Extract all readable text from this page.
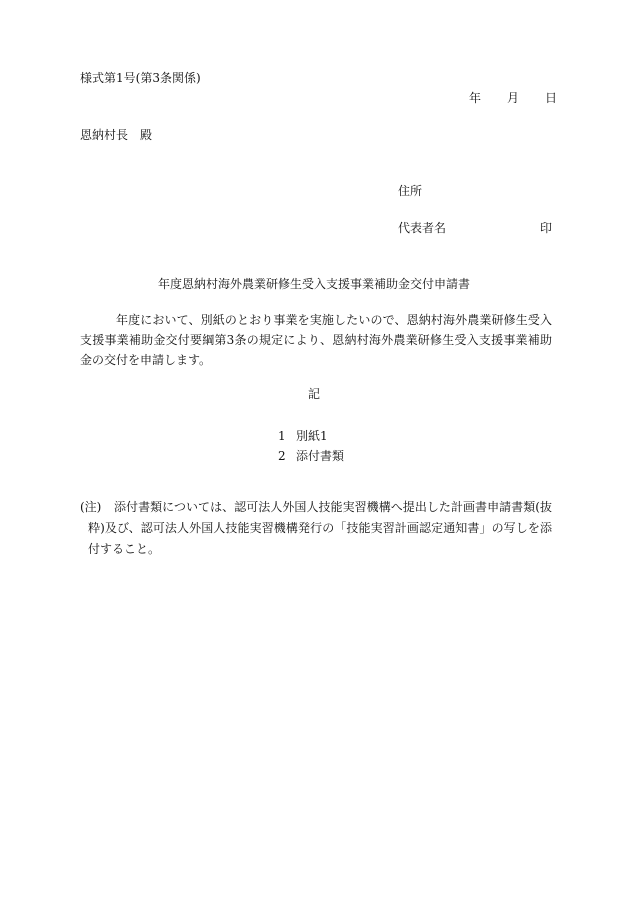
様式第1号(第3条関係)
年 月 日
恩納村長 殿
住所
代表者名	印
年度恩納村海外農業研修生受入支援事業補助金交付申請書
年度において、別紙のとおり事業を実施したいので、恩納村海外農業研修生受入支援事業補助金交付要綱第3条の規定により、恩納村海外農業研修生受入支援事業補助金の交付を申請します。
記
1 別紙1
2 添付書類
(注)	添付書類については、認可法人外国人技能実習機構へ提出した計画書申請書類(抜粋)及び、認可法人外国人技能実習機構発行の「技能実習計画認定通知書」の写しを添付すること。
